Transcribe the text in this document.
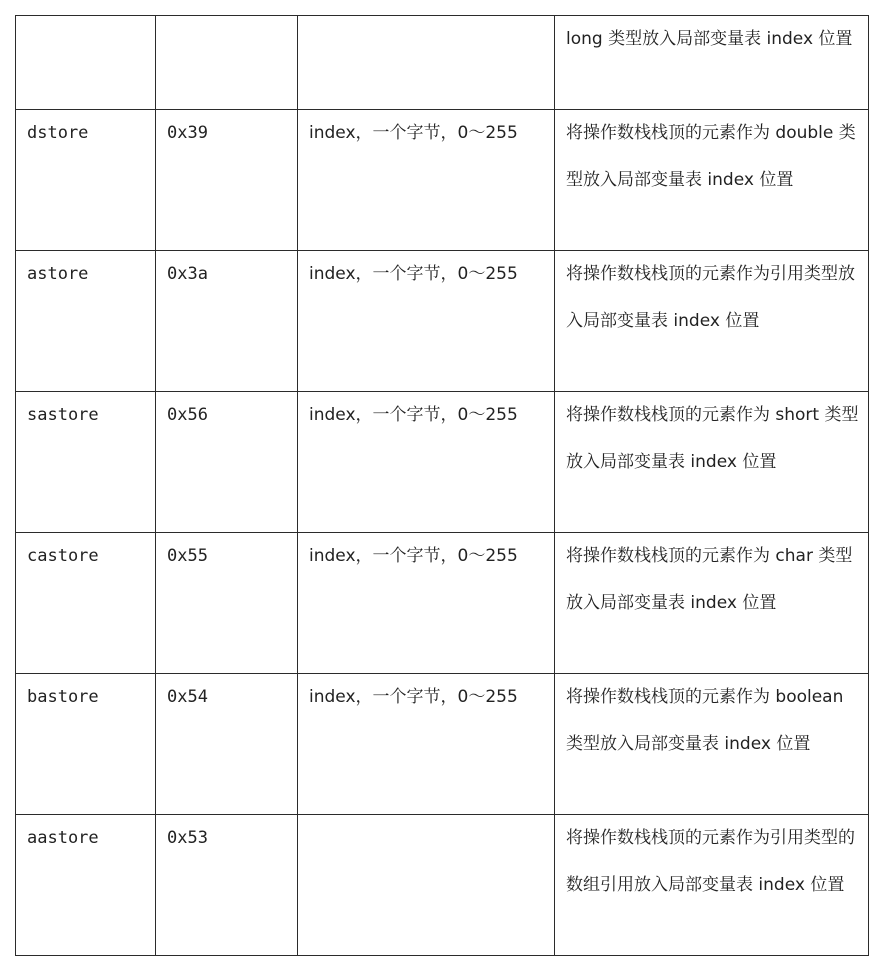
			long 类型放入局部变量表 index 位置
dstore	0x39	index，一个字节，0～255	将操作数栈栈顶的元素作为 double 类型放入局部变量表 index 位置
astore	0x3a	index，一个字节，0～255	将操作数栈栈顶的元素作为引用类型放入局部变量表 index 位置
sastore	0x56	index，一个字节，0～255	将操作数栈栈顶的元素作为 short 类型放入局部变量表 index 位置
castore	0x55	index，一个字节，0～255	将操作数栈栈顶的元素作为 char 类型放入局部变量表 index 位置
bastore	0x54	index，一个字节，0～255	将操作数栈栈顶的元素作为 boolean 类型放入局部变量表 index 位置
aastore	0x53		将操作数栈栈顶的元素作为引用类型的数组引用放入局部变量表 index 位置
